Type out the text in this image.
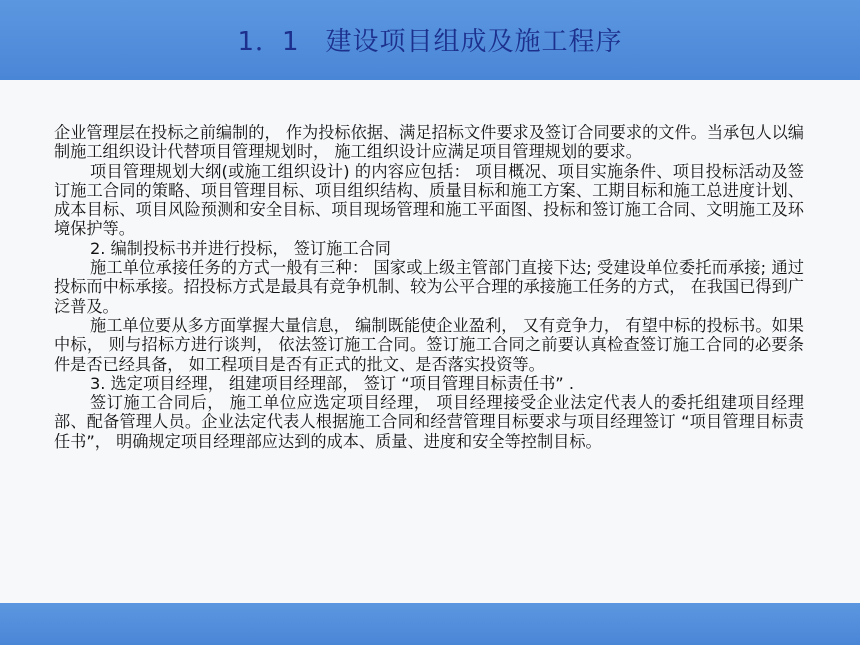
1．1 建设项目组成及施工程序

企业管理层在投标之前编制的， 作为投标依据、满足招标文件要求及签订合同要求的文件。当承包人以编制施工组织设计代替项目管理规划时， 施工组织设计应满足项目管理规划的要求。

项目管理规划大纲(或施工组织设计) 的内容应包括： 项目概况、项目实施条件、项目投标活动及签订施工合同的策略、项目管理目标、项目组织结构、质量目标和施工方案、工期目标和施工总进度计划、成本目标、项目风险预测和安全目标、项目现场管理和施工平面图、投标和签订施工合同、文明施工及环境保护等。

2. 编制投标书并进行投标， 签订施工合同

施工单位承接任务的方式一般有三种： 国家或上级主管部门直接下达; 受建设单位委托而承接; 通过投标而中标承接。招投标方式是最具有竞争机制、较为公平合理的承接施工任务的方式， 在我国已得到广泛普及。

施工单位要从多方面掌握大量信息， 编制既能使企业盈利， 又有竞争力， 有望中标的投标书。如果中标， 则与招标方进行谈判， 依法签订施工合同。签订施工合同之前要认真检查签订施工合同的必要条件是否已经具备， 如工程项目是否有正式的批文、是否落实投资等。

3. 选定项目经理， 组建项目经理部， 签订 “项目管理目标责任书” .

签订施工合同后， 施工单位应选定项目经理， 项目经理接受企业法定代表人的委托组建项目经理部、配备管理人员。企业法定代表人根据施工合同和经营管理目标要求与项目经理签订 “项目管理目标责任书”， 明确规定项目经理部应达到的成本、质量、进度和安全等控制目标。
